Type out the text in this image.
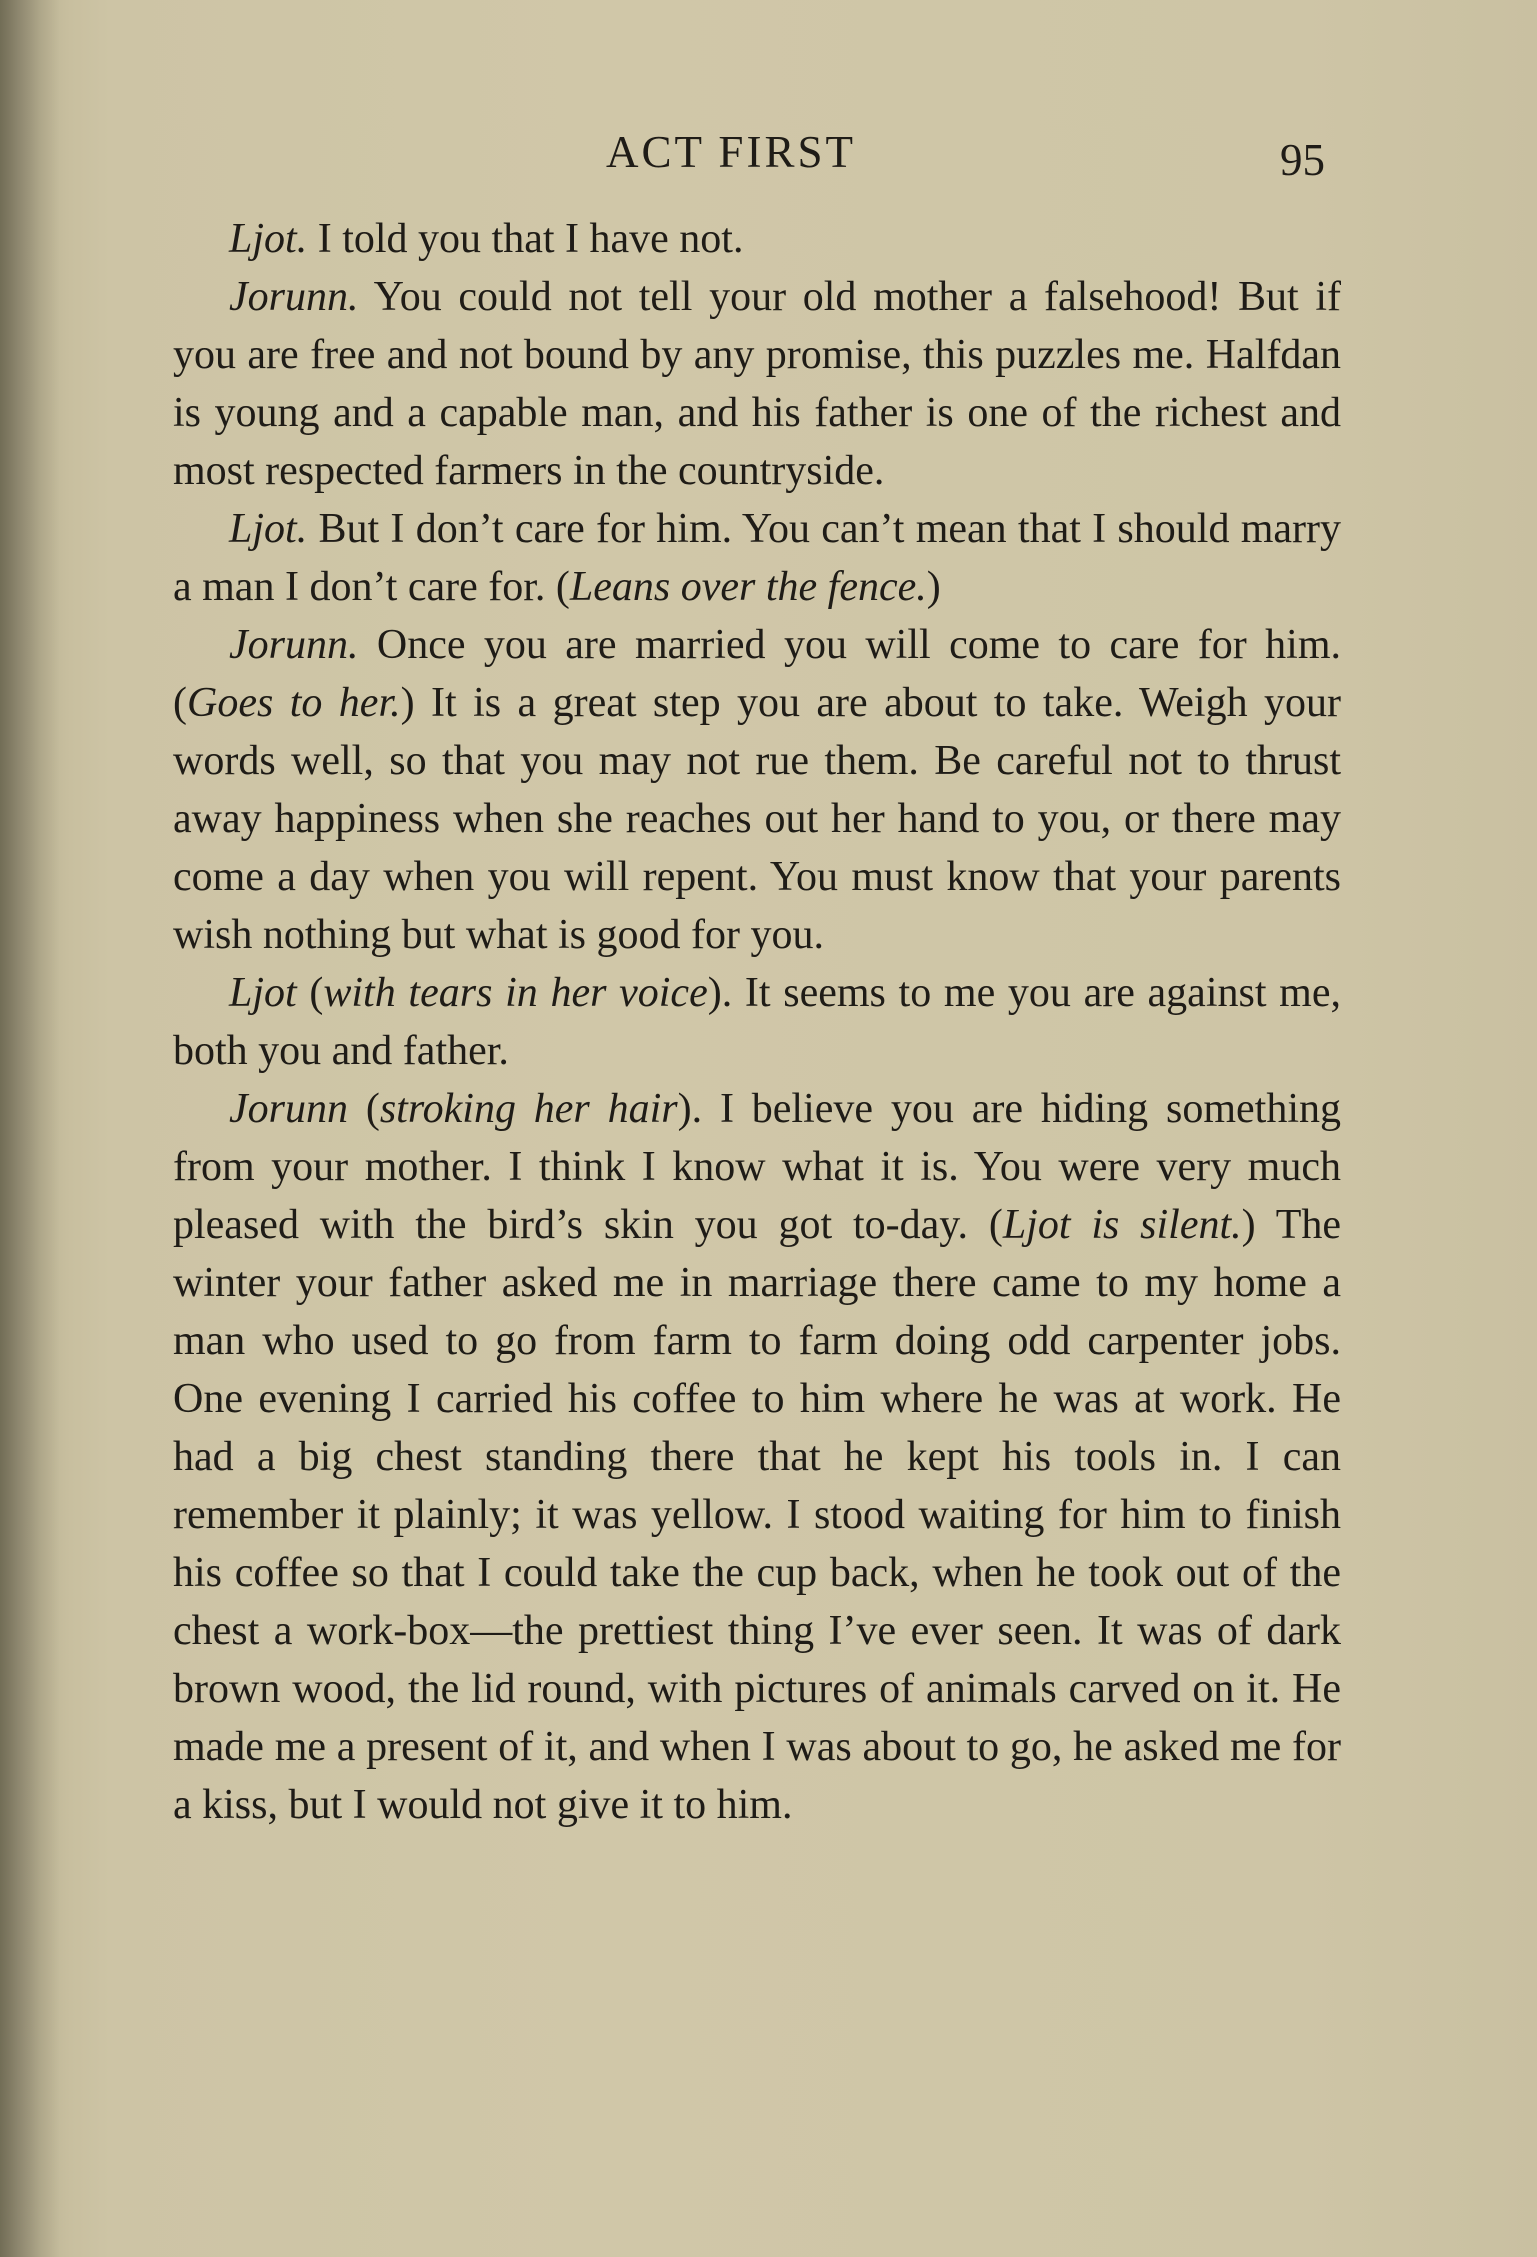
ACT FIRST	95

Ljot. I told you that I have not.

Jorunn. You could not tell your old mother a falsehood! But if you are free and not bound by any promise, this puzzles me. Halfdan is young and a capable man, and his father is one of the richest and most respected farmers in the countryside.

Ljot. But I don’t care for him. You can’t mean that I should marry a man I don’t care for. (Leans over the fence.)

Jorunn. Once you are married you will come to care for him. (Goes to her.) It is a great step you are about to take. Weigh your words well, so that you may not rue them. Be careful not to thrust away happiness when she reaches out her hand to you, or there may come a day when you will repent. You must know that your parents wish nothing but what is good for you.

Ljot (with tears in her voice). It seems to me you are against me, both you and father.

Jorunn (stroking her hair). I believe you are hiding something from your mother. I think I know what it is. You were very much pleased with the bird’s skin you got to-day. (Ljot is silent.) The winter your father asked me in marriage there came to my home a man who used to go from farm to farm doing odd carpenter jobs. One evening I carried his coffee to him where he was at work. He had a big chest standing there that he kept his tools in. I can remember it plainly; it was yellow. I stood waiting for him to finish his coffee so that I could take the cup back, when he took out of the chest a work-box—the prettiest thing I’ve ever seen. It was of dark brown wood, the lid round, with pictures of animals carved on it. He made me a present of it, and when I was about to go, he asked me for a kiss, but I would not give it to him.
